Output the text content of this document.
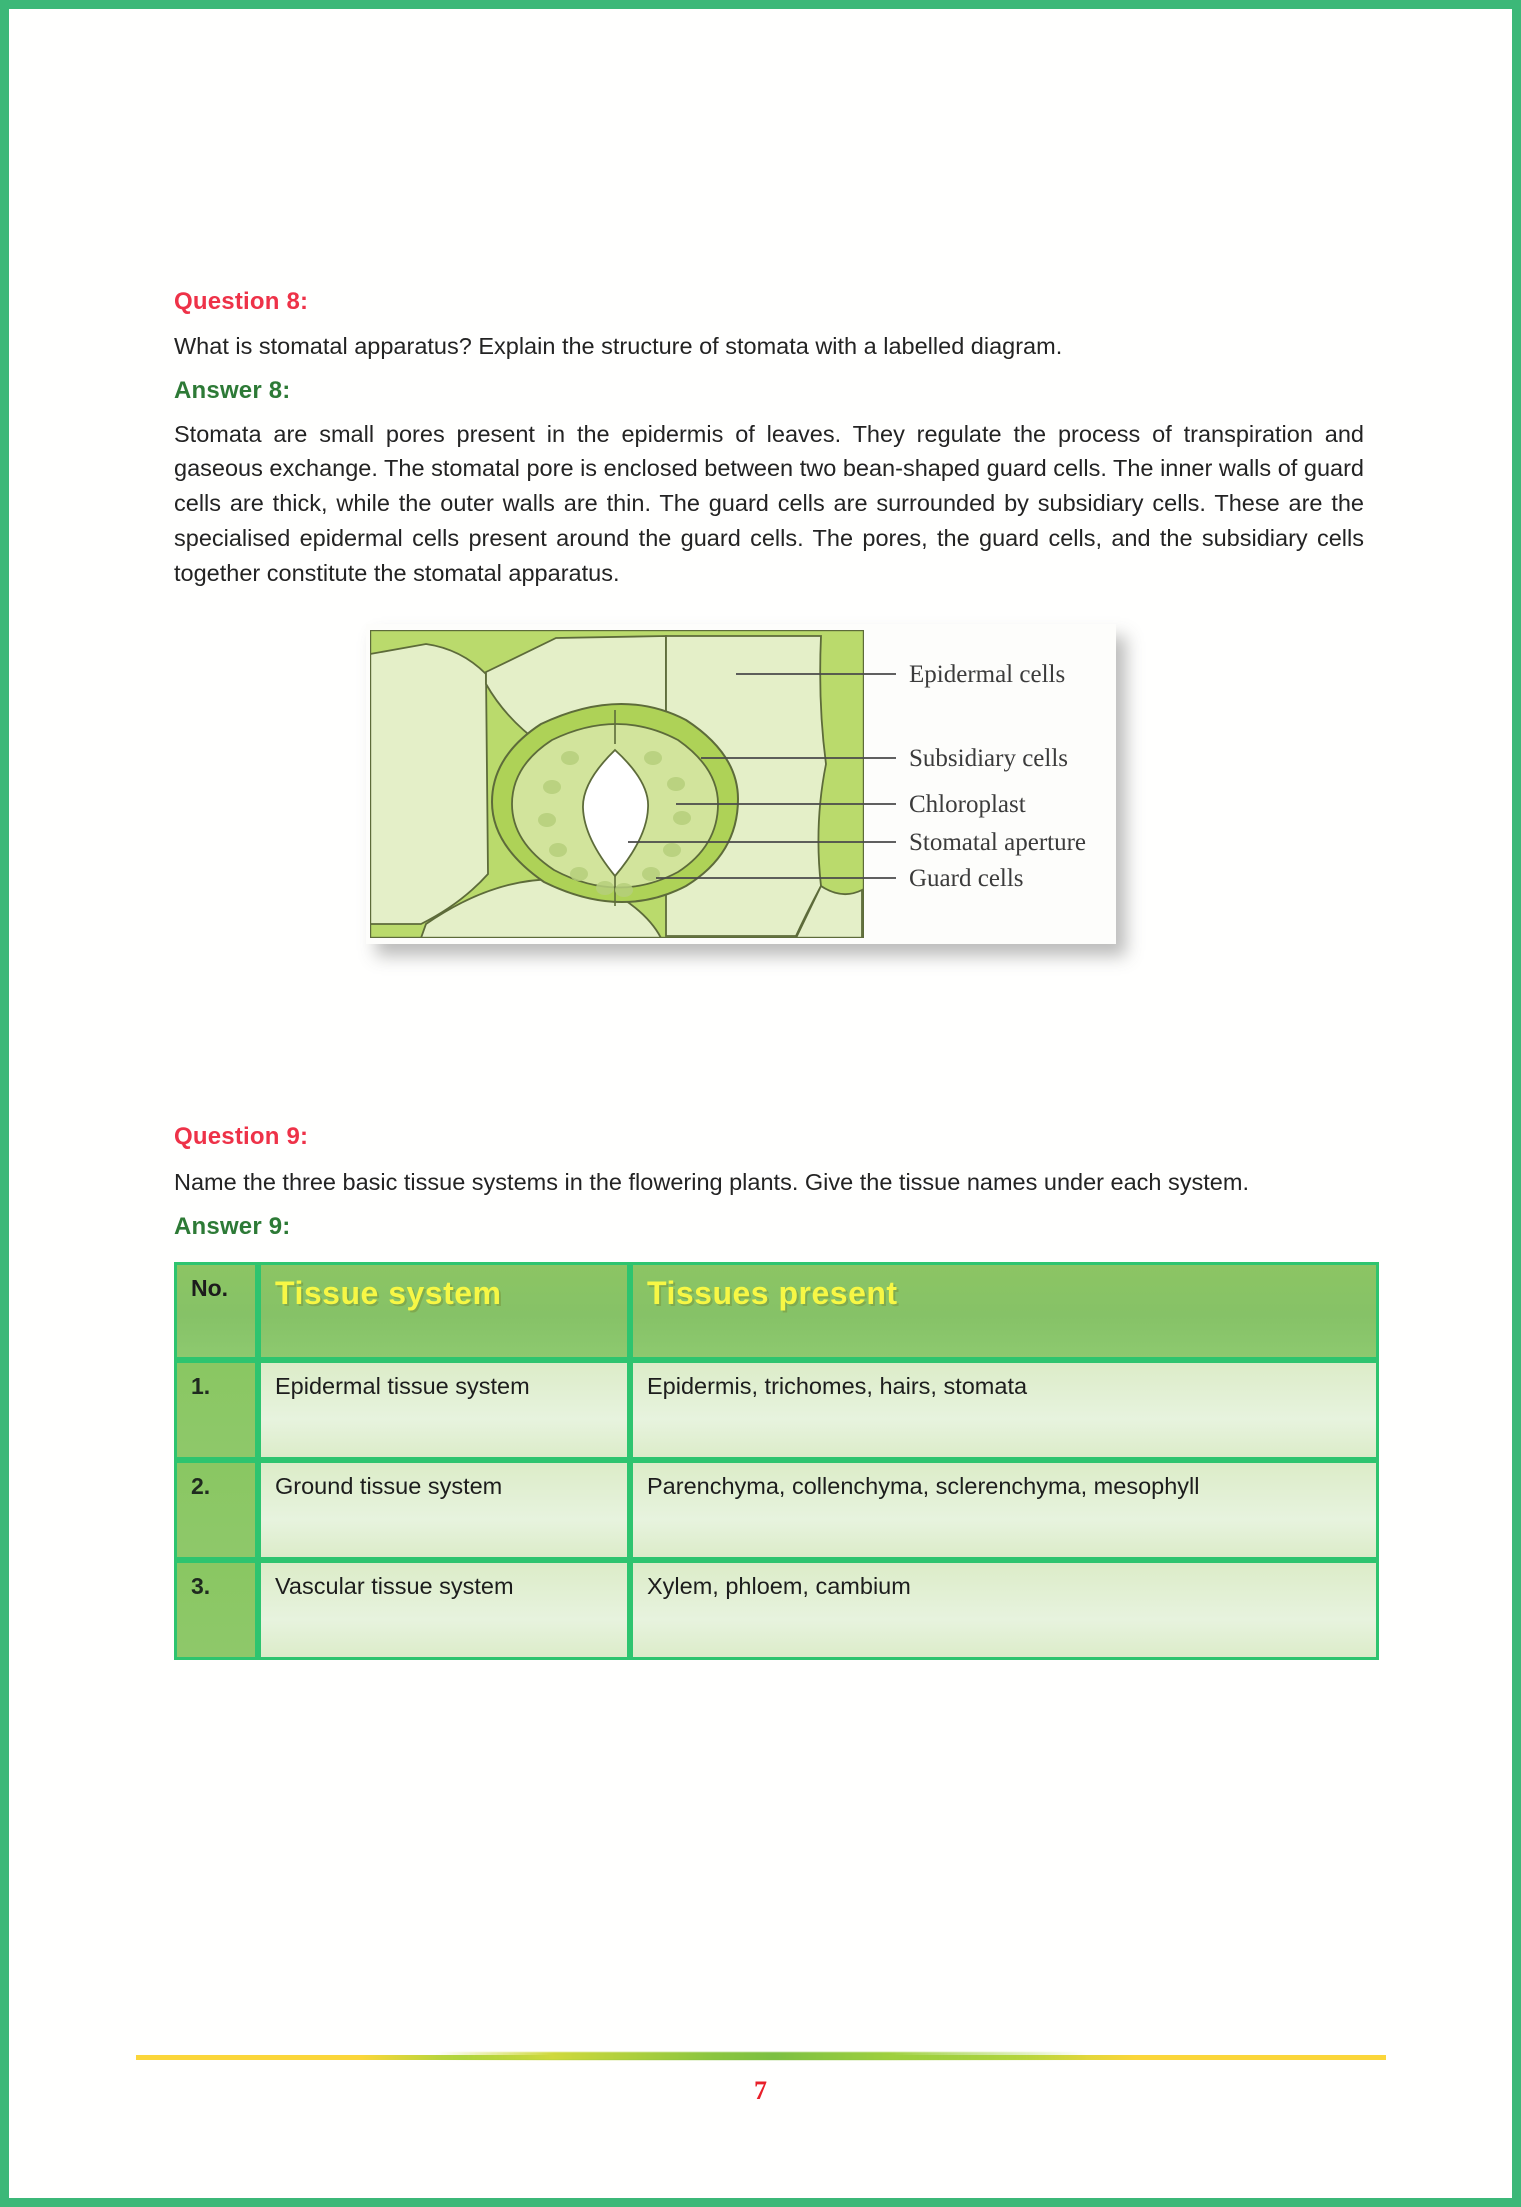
Question 8:

What is stomatal apparatus? Explain the structure of stomata with a labelled diagram.

Answer 8:

Stomata are small pores present in the epidermis of leaves. They regulate the process of transpiration and gaseous exchange. The stomatal pore is enclosed between two bean-shaped guard cells. The inner walls of guard cells are thick, while the outer walls are thin. The guard cells are surrounded by subsidiary cells. These are the specialised epidermal cells present around the guard cells. The pores, the guard cells, and the subsidiary cells together constitute the stomatal apparatus.

Epidermal cells
Subsidiary cells
Chloroplast
Stomatal aperture
Guard cells
Question 9:

Name the three basic tissue systems in the flowering plants. Give the tissue names under each system.

Answer 9:
No.	Tissue system	Tissues present
1.	Epidermal tissue system	Epidermis, trichomes, hairs, stomata
2.	Ground tissue system	Parenchyma, collenchyma, sclerenchyma, mesophyll
3.	Vascular tissue system	Xylem, phloem, cambium
7
